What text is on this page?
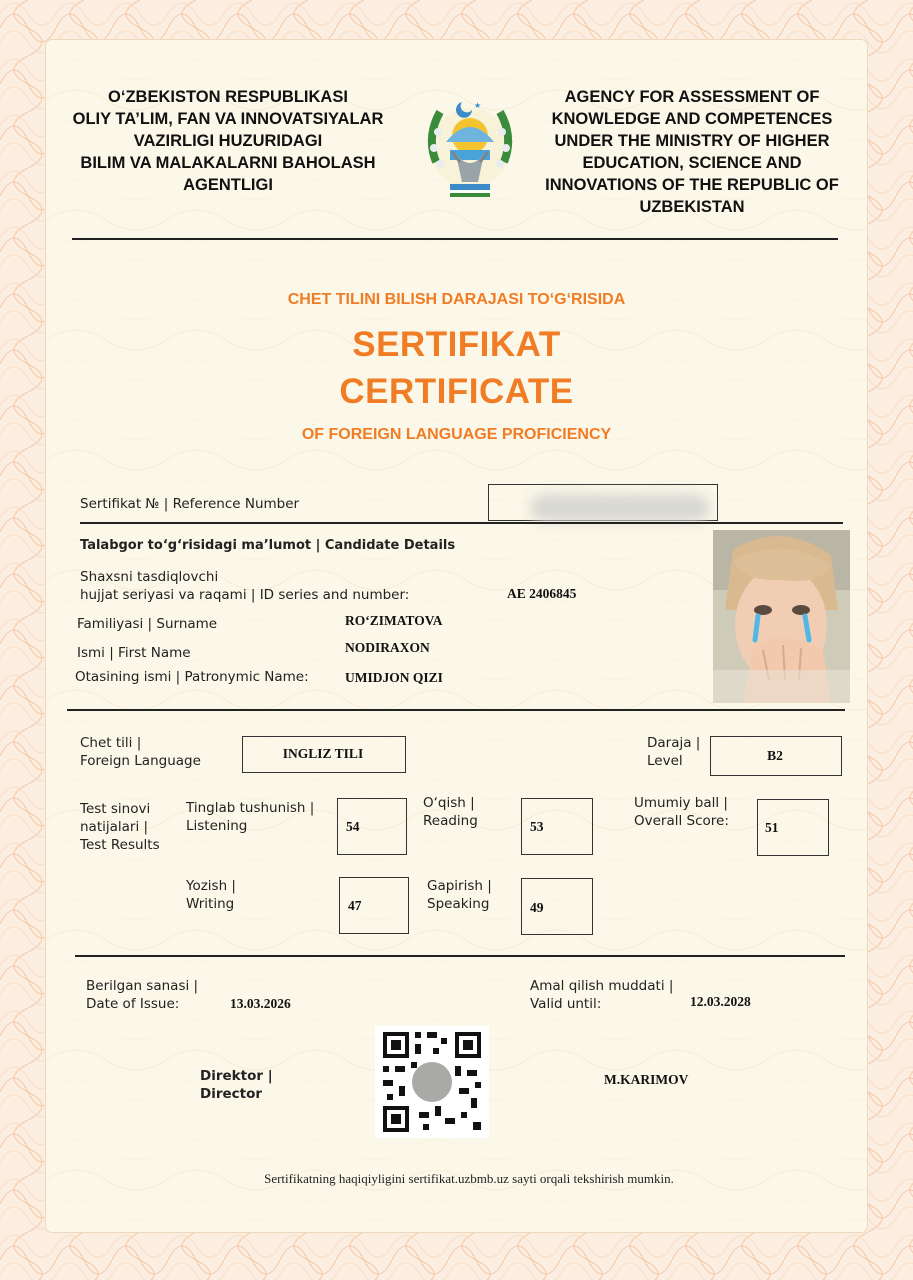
O‘ZBEKISTON RESPUBLIKASI
OLIY TA’LIM, FAN VA INNOVATSIYALAR
VAZIRLIGI HUZURIDAGI
BILIM VA MALAKALARNI BAHOLASH
AGENTLIGI
★	AGENCY FOR ASSESSMENT OF
KNOWLEDGE AND COMPETENCES
UNDER THE MINISTRY OF HIGHER
EDUCATION, SCIENCE AND
INNOVATIONS OF THE REPUBLIC OF
UZBEKISTAN
CHET TILINI BILISH DARAJASI TO‘G‘RISIDA
SERTIFIKAT
CERTIFICATE
OF FOREIGN LANGUAGE PROFICIENCY
Sertifikat № | Reference Number
Talabgor to‘g‘risidagi ma’lumot | Candidate Details
Shaxsni tasdiqlovchi
hujjat seriyasi va raqami | ID series and number:	AE 2406845
Familiyasi | Surname	RO‘ZIMATOVA
Ismi | First Name	NODIRAXON
Otasining ismi | Patronymic Name:	UMIDJON QIZI
Chet tili |
Foreign Language	INGLIZ TILI
Daraja |
Level	B2
Test sinovi
natijalari |
Test Results
Tinglab tushunish |
Listening	54
O‘qish |
Reading	53
Umumiy ball |
Overall Score:	51
Yozish |
Writing	47
Gapirish |
Speaking	49
Berilgan sanasi |
Date of Issue:	13.03.2026
Amal qilish muddati |
Valid until:	12.03.2028
Direktor |
Director
M.KARIMOV
Sertifikatning haqiqiyligini sertifikat.uzbmb.uz sayti orqali tekshirish mumkin.
